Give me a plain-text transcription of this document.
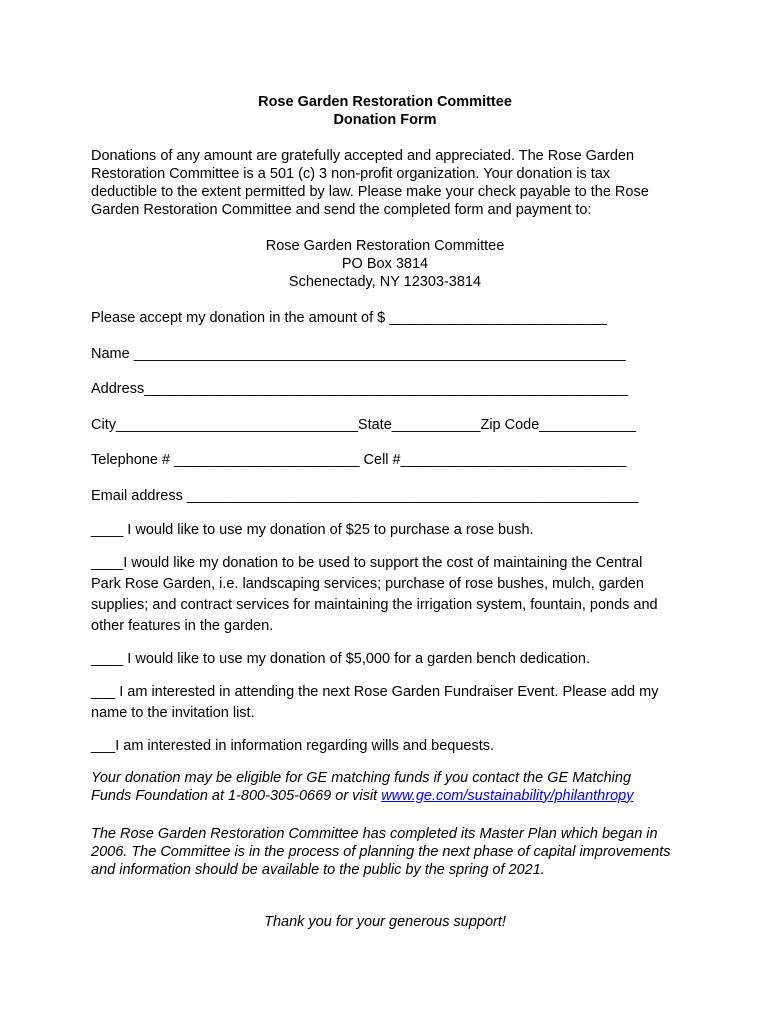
Rose Garden Restoration Committee
Donation Form
Donations of any amount are gratefully accepted and appreciated. The Rose Garden Restoration Committee is a 501 (c) 3 non-profit organization. Your donation is tax deductible to the extent permitted by law. Please make your check payable to the Rose Garden Restoration Committee and send the completed form and payment to:
Rose Garden Restoration Committee
PO Box 3814
Schenectady, NY 12303-3814
Please accept my donation in the amount of $ ___________________________
Name _____________________________________________________________
Address____________________________________________________________
City______________________________State___________Zip Code____________
Telephone # _______________________ Cell #____________________________
Email address ________________________________________________________
____ I would like to use my donation of $25 to purchase a rose bush.
____I would like my donation to be used to support the cost of maintaining the Central Park Rose Garden, i.e. landscaping services; purchase of rose bushes, mulch, garden supplies; and contract services for maintaining the irrigation system, fountain, ponds and other features in the garden.
____ I would like to use my donation of $5,000 for a garden bench dedication.
___ I am interested in attending the next Rose Garden Fundraiser Event. Please add my name to the invitation list.
___I am interested in information regarding wills and bequests.
Your donation may be eligible for GE matching funds if you contact the GE Matching Funds Foundation at 1-800-305-0669 or visit www.ge.com/sustainability/philanthropy
The Rose Garden Restoration Committee has completed its Master Plan which began in 2006. The Committee is in the process of planning the next phase of capital improvements and information should be available to the public by the spring of 2021.
Thank you for your generous support!
